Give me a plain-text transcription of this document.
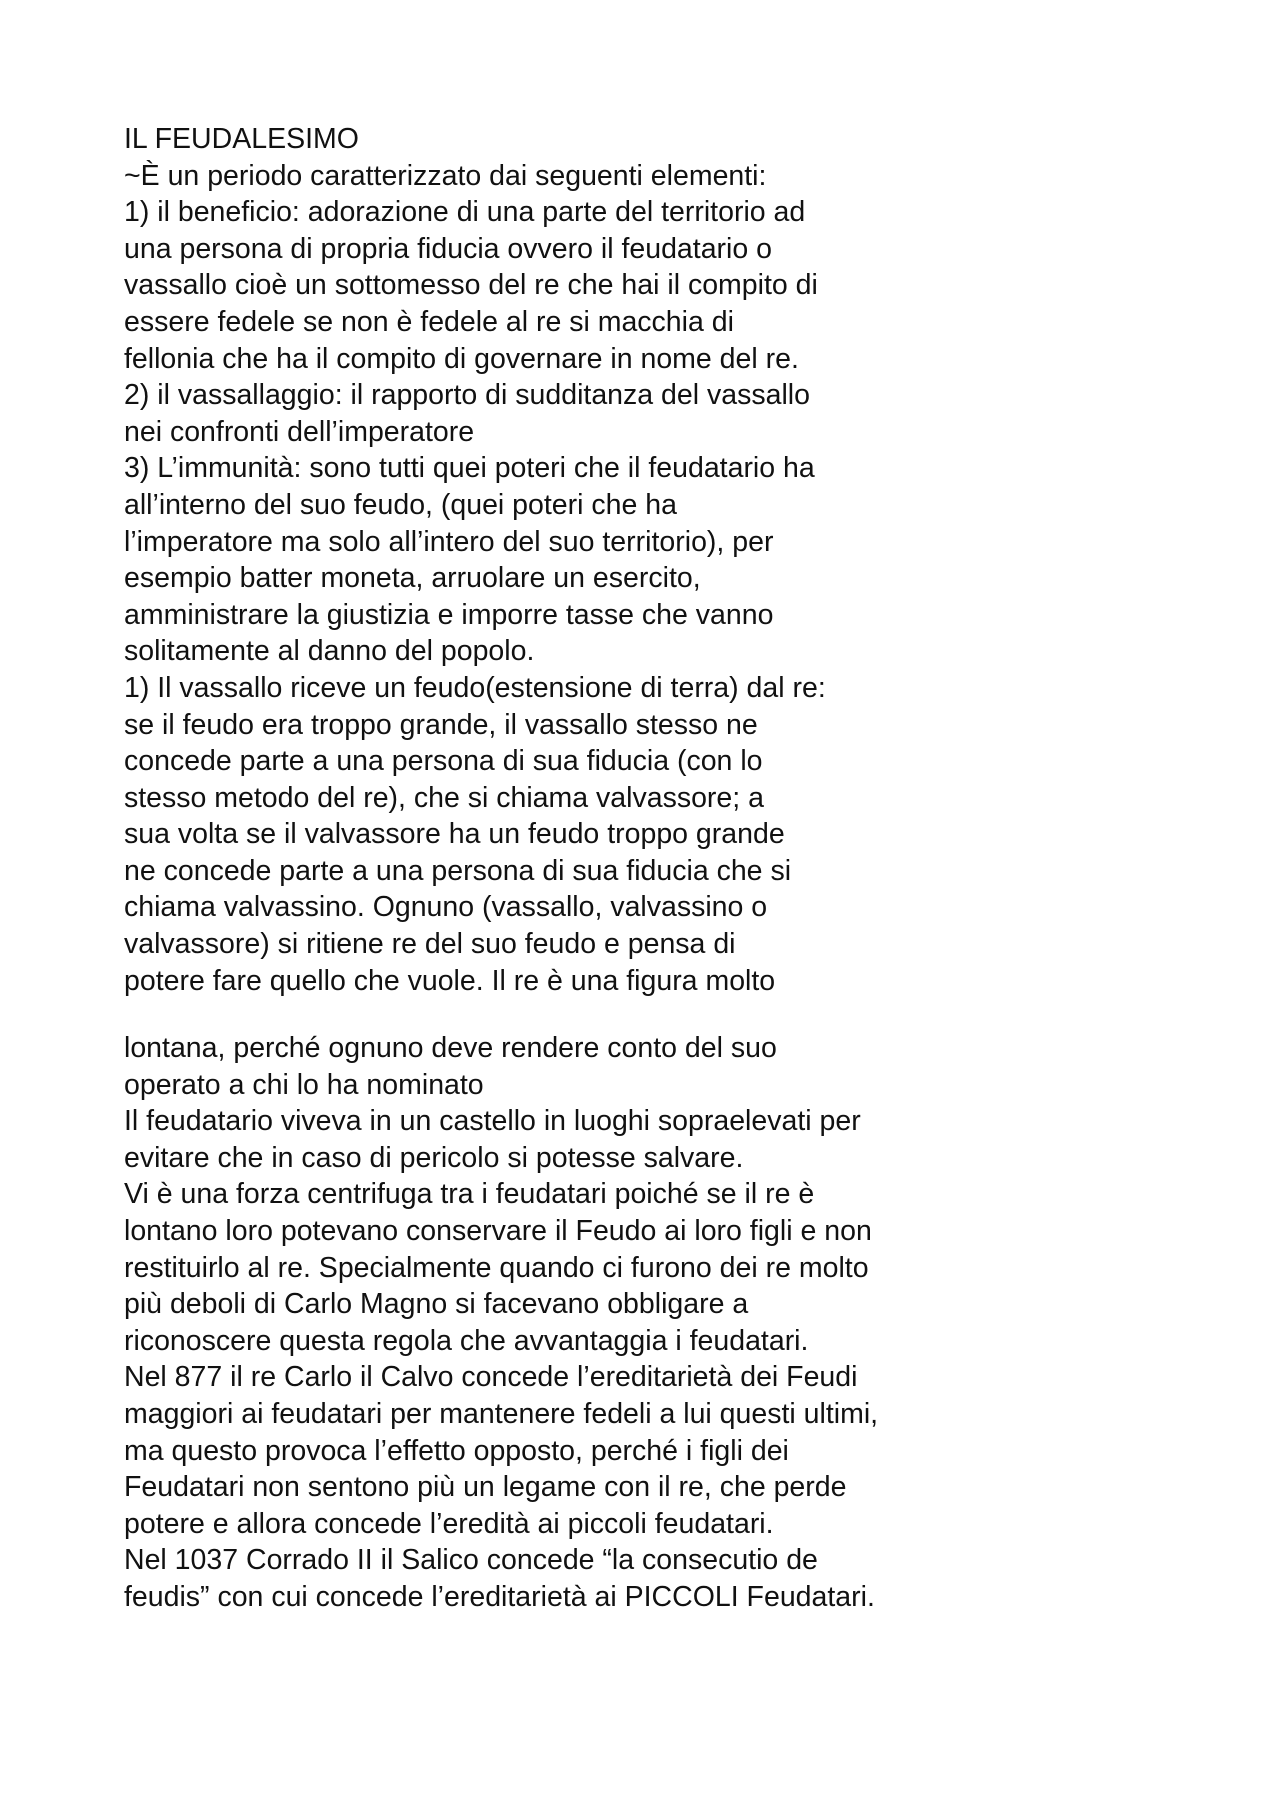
IL FEUDALESIMO
~È un periodo caratterizzato dai seguenti elementi:
1) il beneficio: adorazione di una parte del territorio ad
una persona di propria fiducia ovvero il feudatario o
vassallo cioè un sottomesso del re che hai il compito di
essere fedele se non è fedele al re si macchia di
fellonia che ha il compito di governare in nome del re.
2) il vassallaggio: il rapporto di sudditanza del vassallo
nei confronti dell’imperatore
3) L’immunità: sono tutti quei poteri che il feudatario ha
all’interno del suo feudo, (quei poteri che ha
l’imperatore ma solo all’intero del suo territorio), per
esempio batter moneta, arruolare un esercito,
amministrare la giustizia e imporre tasse che vanno
solitamente al danno del popolo.
1) Il vassallo riceve un feudo(estensione di terra) dal re:
se il feudo era troppo grande, il vassallo stesso ne
concede parte a una persona di sua fiducia (con lo
stesso metodo del re), che si chiama valvassore; a
sua volta se il valvassore ha un feudo troppo grande
ne concede parte a una persona di sua fiducia che si
chiama valvassino. Ognuno (vassallo, valvassino o
valvassore) si ritiene re del suo feudo e pensa di
potere fare quello che vuole. Il re è una figura molto
lontana, perché ognuno deve rendere conto del suo
operato a chi lo ha nominato
Il feudatario viveva in un castello in luoghi sopraelevati per
evitare che in caso di pericolo si potesse salvare.
Vi è una forza centrifuga tra i feudatari poiché se il re è
lontano loro potevano conservare il Feudo ai loro figli e non
restituirlo al re. Specialmente quando ci furono dei re molto
più deboli di Carlo Magno si facevano obbligare a
riconoscere questa regola che avvantaggia i feudatari.
Nel 877 il re Carlo il Calvo concede l’ereditarietà dei Feudi
maggiori ai feudatari per mantenere fedeli a lui questi ultimi,
ma questo provoca l’effetto opposto, perché i figli dei
Feudatari non sentono più un legame con il re, che perde
potere e allora concede l’eredità ai piccoli feudatari.
Nel 1037 Corrado II il Salico concede “la consecutio de
feudis” con cui concede l’ereditarietà ai PICCOLI Feudatari.
